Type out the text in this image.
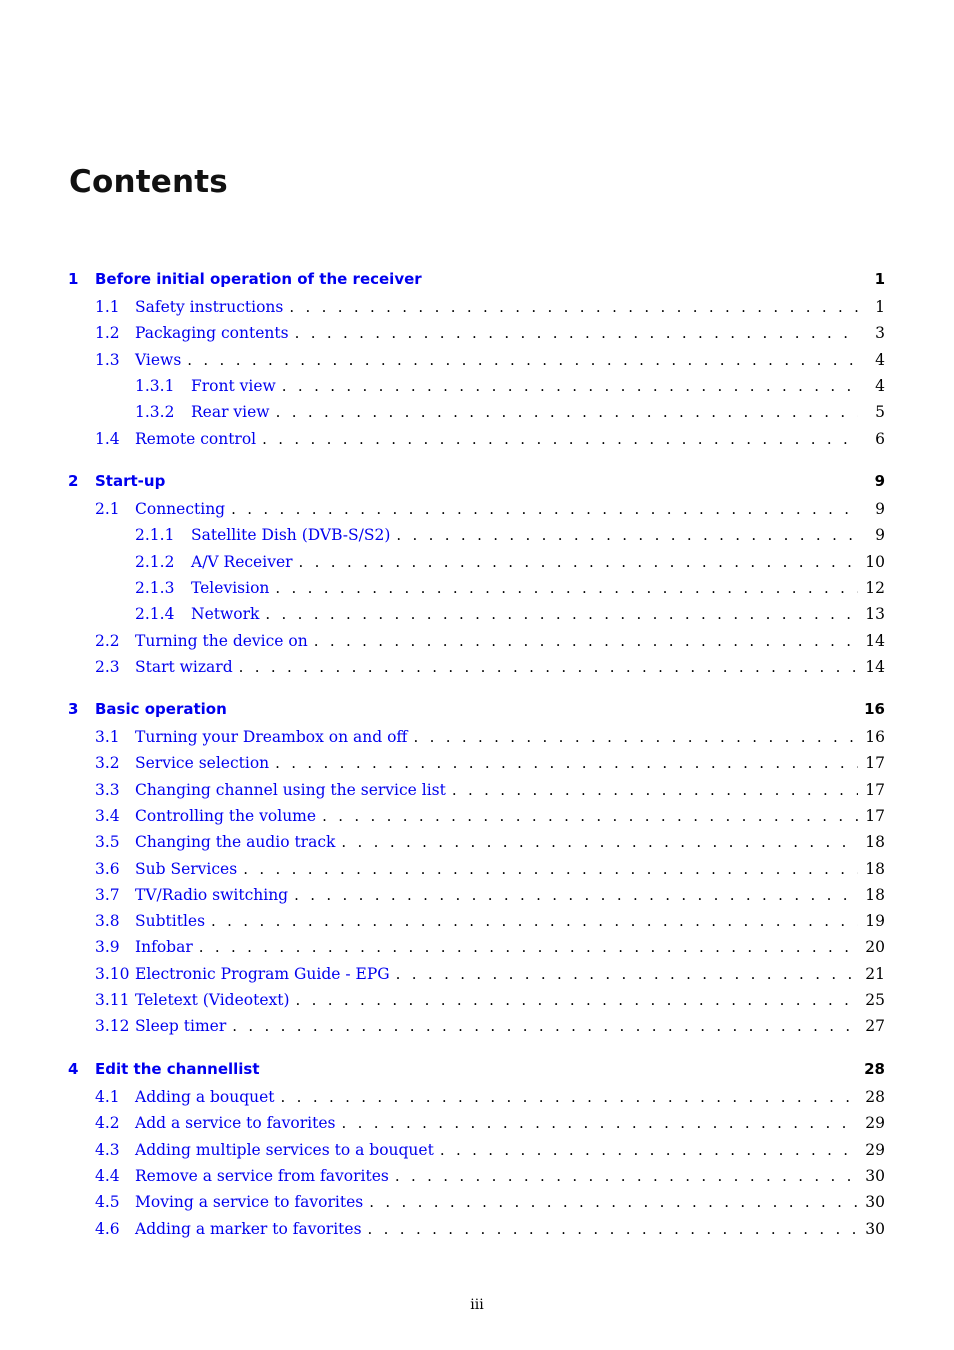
Contents
1 Before initial operation of the receiver	1
1.1 Safety instructions . . .	1
1.2 Packaging contents . . .	3
1.3 Views . . .	4
1.3.1 Front view . . .	4
1.3.2 Rear view . . .	5
1.4 Remote control . . .	6
2 Start-up	9
2.1 Connecting . . .	9
2.1.1 Satellite Dish (DVB-S/S2) . . .	9
2.1.2 A/V Receiver . . .	10
2.1.3 Television . . .	12
2.1.4 Network . . .	13
2.2 Turning the device on . . .	14
2.3 Start wizard . . .	14
3 Basic operation	16
3.1 Turning your Dreambox on and off . . .	16
3.2 Service selection . . .	17
3.3 Changing channel using the service list . . .	17
3.4 Controlling the volume . . .	17
3.5 Changing the audio track . . .	18
3.6 Sub Services . . .	18
3.7 TV/Radio switching . . .	18
3.8 Subtitles . . .	19
3.9 Infobar . . .	20
3.10 Electronic Program Guide - EPG . . .	21
3.11 Teletext (Videotext) . . .	25
3.12 Sleep timer . . .	27
4 Edit the channellist	28
4.1 Adding a bouquet . . .	28
4.2 Add a service to favorites . . .	29
4.3 Adding multiple services to a bouquet . . .	29
4.4 Remove a service from favorites . . .	30
4.5 Moving a service to favorites . . .	30
4.6 Adding a marker to favorites . . .	30
iii
